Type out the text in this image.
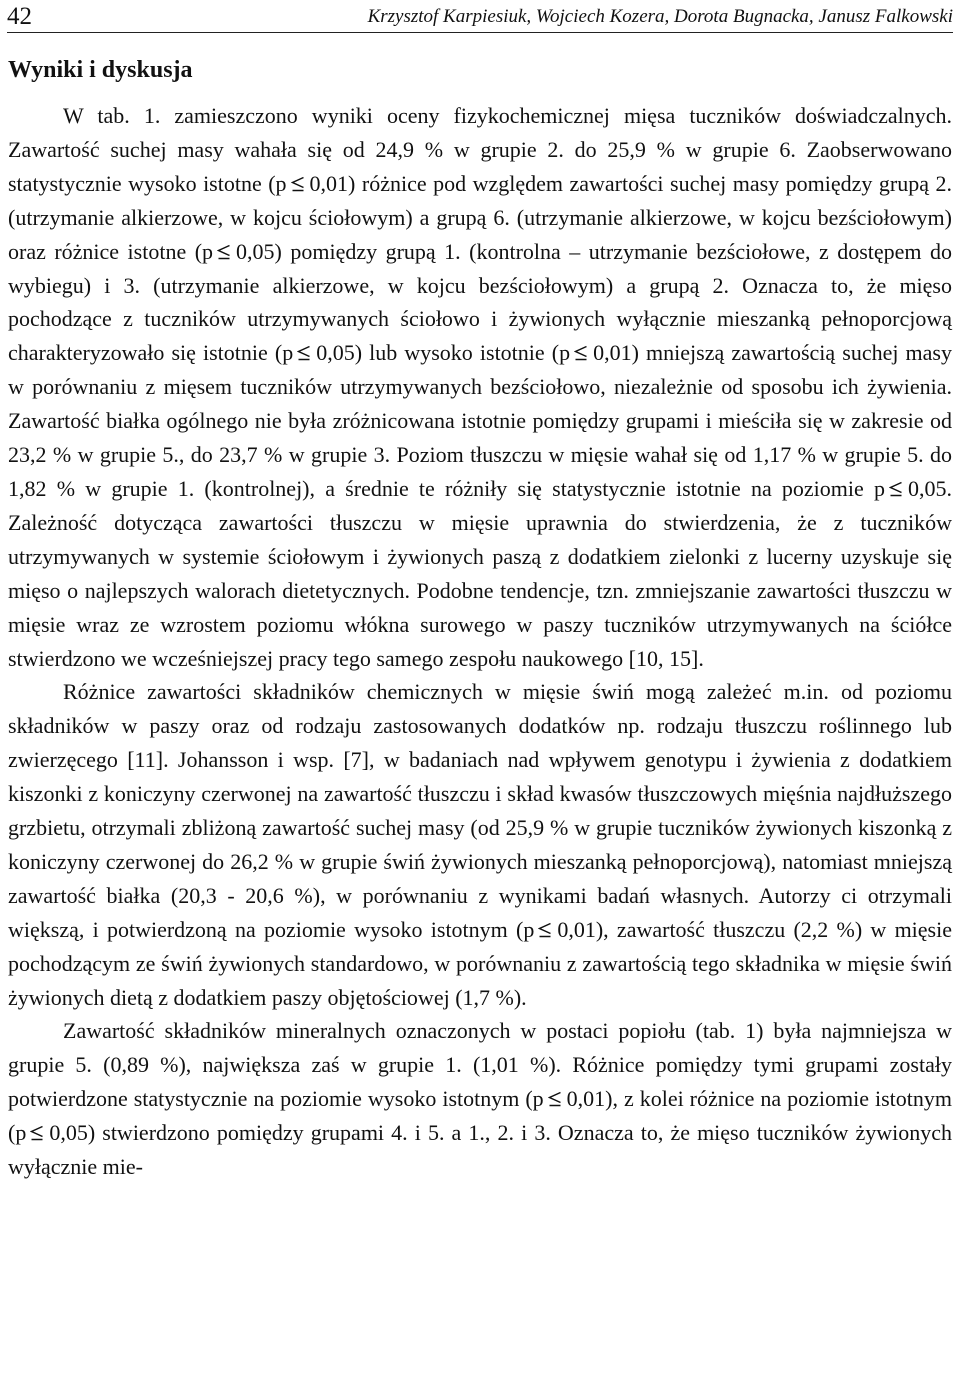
42	Krzysztof Karpiesiuk, Wojciech Kozera, Dorota Bugnacka, Janusz Falkowski
Wyniki i dyskusja

W tab. 1. zamieszczono wyniki oceny fizykochemicznej mięsa tuczników doświadczalnych. Zawartość suchej masy wahała się od 24,9 % w grupie 2. do 25,9 % w grupie 6. Zaobserwowano statystycznie wysoko istotne (p 0,01) różnice pod względem zawartości suchej masy pomiędzy grupą 2. (utrzymanie alkierzowe, w kojcu ściołowym) a grupą 6. (utrzymanie alkierzowe, w kojcu bezściołowym) oraz różnice istotne (p 0,05) pomiędzy grupą 1. (kontrolna – utrzymanie bezściołowe, z dostępem do wybiegu) i 3. (utrzymanie alkierzowe, w kojcu bezściołowym) a grupą 2. Oznacza to, że mięso pochodzące z tuczników utrzymywanych ściołowo i żywionych wyłącznie mieszanką pełnoporcjową charakteryzowało się istotnie (p 0,05) lub wysoko istotnie (p 0,01) mniejszą zawartością suchej masy w porównaniu z mięsem tuczników utrzymywanych bezściołowo, niezależnie od sposobu ich żywienia. Zawartość białka ogólnego nie była zróżnicowana istotnie pomiędzy grupami i mieściła się w zakresie od 23,2 % w grupie 5., do 23,7 % w grupie 3. Poziom tłuszczu w mięsie wahał się od 1,17 % w grupie 5. do 1,82 % w grupie 1. (kontrolnej), a średnie te różniły się statystycznie istotnie na poziomie p 0,05. Zależność dotycząca zawartości tłuszczu w mięsie uprawnia do stwierdzenia, że z tuczników utrzymywanych w systemie ściołowym i żywionych paszą z dodatkiem zielonki z lucerny uzyskuje się mięso o najlepszych walorach dietetycznych. Podobne tendencje, tzn. zmniejszanie zawartości tłuszczu w mięsie wraz ze wzrostem poziomu włókna surowego w paszy tuczników utrzymywanych na ściółce stwierdzono we wcześniejszej pracy tego samego zespołu naukowego [10, 15].

Różnice zawartości składników chemicznych w mięsie świń mogą zależeć m.in. od poziomu składników w paszy oraz od rodzaju zastosowanych dodatków np. rodzaju tłuszczu roślinnego lub zwierzęcego [11]. Johansson i wsp. [7], w badaniach nad wpływem genotypu i żywienia z dodatkiem kiszonki z koniczyny czerwonej na zawartość tłuszczu i skład kwasów tłuszczowych mięśnia najdłuższego grzbietu, otrzymali zbliżoną zawartość suchej masy (od 25,9 % w grupie tuczników żywionych kiszonką z koniczyny czerwonej do 26,2 % w grupie świń żywionych mieszanką pełnoporcjową), natomiast mniejszą zawartość białka (20,3 - 20,6 %), w porównaniu z wynikami badań własnych. Autorzy ci otrzymali większą, i potwierdzoną na poziomie wysoko istotnym (p 0,01), zawartość tłuszczu (2,2 %) w mięsie pochodzącym ze świń żywionych standardowo, w porównaniu z zawartością tego składnika w mięsie świń żywionych dietą z dodatkiem paszy objętościowej (1,7 %).

Zawartość składników mineralnych oznaczonych w postaci popiołu (tab. 1) była najmniejsza w grupie 5. (0,89 %), największa zaś w grupie 1. (1,01 %). Różnice pomiędzy tymi grupami zostały potwierdzone statystycznie na poziomie wysoko istotnym (p 0,01), z kolei różnice na poziomie istotnym (p 0,05) stwierdzono pomiędzy grupami 4. i 5. a 1., 2. i 3. Oznacza to, że mięso tuczników żywionych wyłącznie mie-
